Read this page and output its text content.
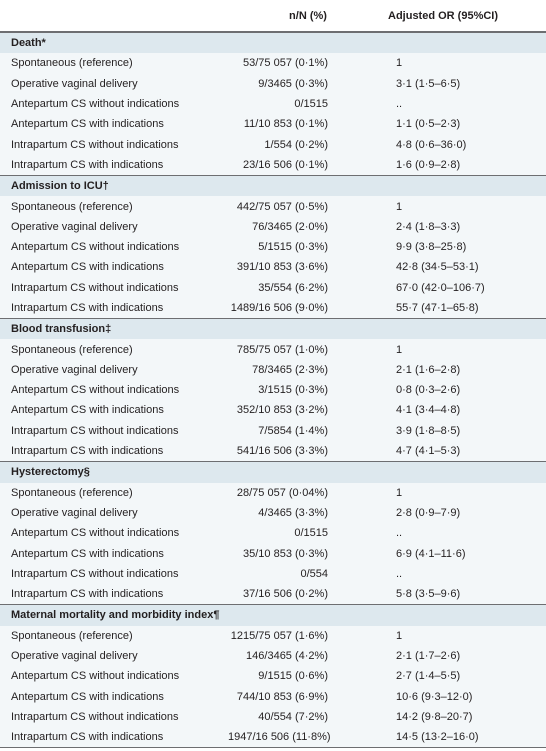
n/N (%)	Adjusted OR (95%CI)
Death*
Spontaneous (reference)	53/75 057 (0·1%)	1
Operative vaginal delivery	9/3465 (0·3%)	3·1 (1·5–6·5)
Antepartum CS without indications	0/1515	..
Antepartum CS with indications	11/10 853 (0·1%)	1·1 (0·5–2·3)
Intrapartum CS without indications	1/554 (0·2%)	4·8 (0·6–36·0)
Intrapartum CS with indications	23/16 506 (0·1%)	1·6 (0·9–2·8)
Admission to ICU†
Spontaneous (reference)	442/75 057 (0·5%)	1
Operative vaginal delivery	76/3465 (2·0%)	2·4 (1·8–3·3)
Antepartum CS without indications	5/1515 (0·3%)	9·9 (3·8–25·8)
Antepartum CS with indications	391/10 853 (3·6%)	42·8 (34·5–53·1)
Intrapartum CS without indications	35/554 (6·2%)	67·0 (42·0–106·7)
Intrapartum CS with indications	1489/16 506 (9·0%)	55·7 (47·1–65·8)
Blood transfusion‡
Spontaneous (reference)	785/75 057 (1·0%)	1
Operative vaginal delivery	78/3465 (2·3%)	2·1 (1·6–2·8)
Antepartum CS without indications	3/1515 (0·3%)	0·8 (0·3–2·6)
Antepartum CS with indications	352/10 853 (3·2%)	4·1 (3·4–4·8)
Intrapartum CS without indications	7/5854 (1·4%)	3·9 (1·8–8·5)
Intrapartum CS with indications	541/16 506 (3·3%)	4·7 (4·1–5·3)
Hysterectomy§
Spontaneous (reference)	28/75 057 (0·04%)	1
Operative vaginal delivery	4/3465 (3·3%)	2·8 (0·9–7·9)
Antepartum CS without indications	0/1515	..
Antepartum CS with indications	35/10 853 (0·3%)	6·9 (4·1–11·6)
Intrapartum CS without indications	0/554	..
Intrapartum CS with indications	37/16 506 (0·2%)	5·8 (3·5–9·6)
Maternal mortality and morbidity index¶
Spontaneous (reference)	1215/75 057 (1·6%)	1
Operative vaginal delivery	146/3465 (4·2%)	2·1 (1·7–2·6)
Antepartum CS without indications	9/1515 (0·6%)	2·7 (1·4–5·5)
Antepartum CS with indications	744/10 853 (6·9%)	10·6 (9·3–12·0)
Intrapartum CS without indications	40/554 (7·2%)	14·2 (9·8–20·7)
Intrapartum CS with indications	1947/16 506 (11·8%)	14·5 (13·2–16·0)
